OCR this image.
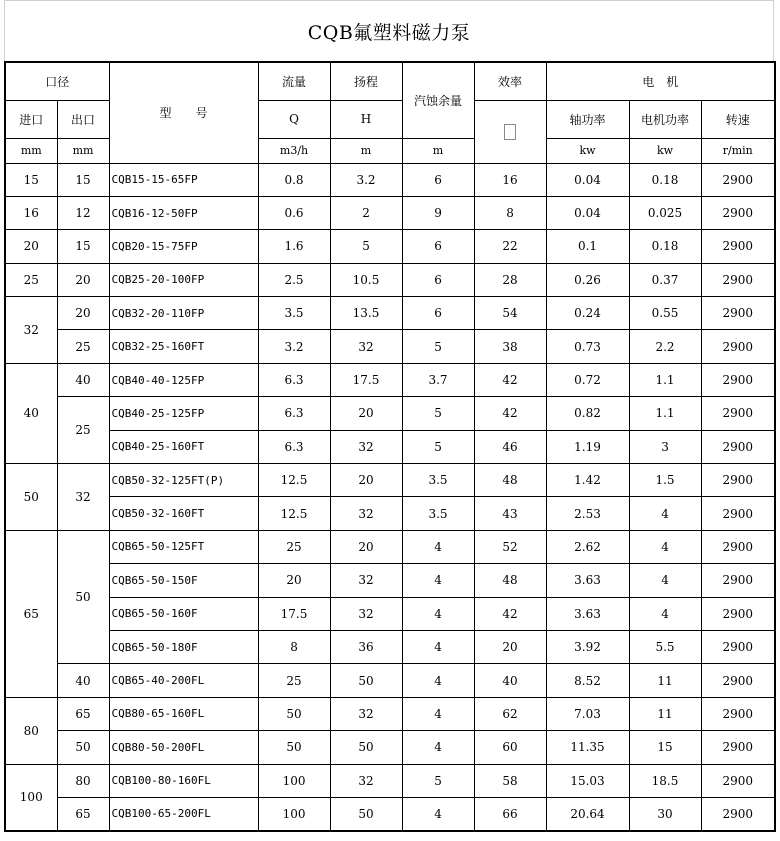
CQB氟塑料磁力泵
口径		型　　号	流量	扬程	汽蚀余量	效率	电　机		
进口	出口		Q	H			轴功率	电机功率	转速
mm	mm		m3/h	m	m		kw	kw	r/min
15	15	CQB15-15-65FP	0.8	3.2	6	16	0.04	0.18	2900
16	12	CQB16-12-50FP	0.6	2	9	8	0.04	0.025	2900
20	15	CQB20-15-75FP	1.6	5	6	22	0.1	0.18	2900
25	20	CQB25-20-100FP	2.5	10.5	6	28	0.26	0.37	2900
32	20	CQB32-20-110FP	3.5	13.5	6	54	0.24	0.55	2900
	25	CQB32-25-160FT	3.2	32	5	38	0.73	2.2	2900
40	40	CQB40-40-125FP	6.3	17.5	3.7	42	0.72	1.1	2900
	25	CQB40-25-125FP	6.3	20	5	42	0.82	1.1	2900
		CQB40-25-160FT	6.3	32	5	46	1.19	3	2900
50	32	CQB50-32-125FT(P)	12.5	20	3.5	48	1.42	1.5	2900
		CQB50-32-160FT	12.5	32	3.5	43	2.53	4	2900
65	50	CQB65-50-125FT	25	20	4	52	2.62	4	2900
		CQB65-50-150F	20	32	4	48	3.63	4	2900
		CQB65-50-160F	17.5	32	4	42	3.63	4	2900
		CQB65-50-180F	8	36	4	20	3.92	5.5	2900
	40	CQB65-40-200FL	25	50	4	40	8.52	11	2900
80	65	CQB80-65-160FL	50	32	4	62	7.03	11	2900
	50	CQB80-50-200FL	50	50	4	60	11.35	15	2900
100	80	CQB100-80-160FL	100	32	5	58	15.03	18.5	2900
	65	CQB100-65-200FL	100	50	4	66	20.64	30	2900
